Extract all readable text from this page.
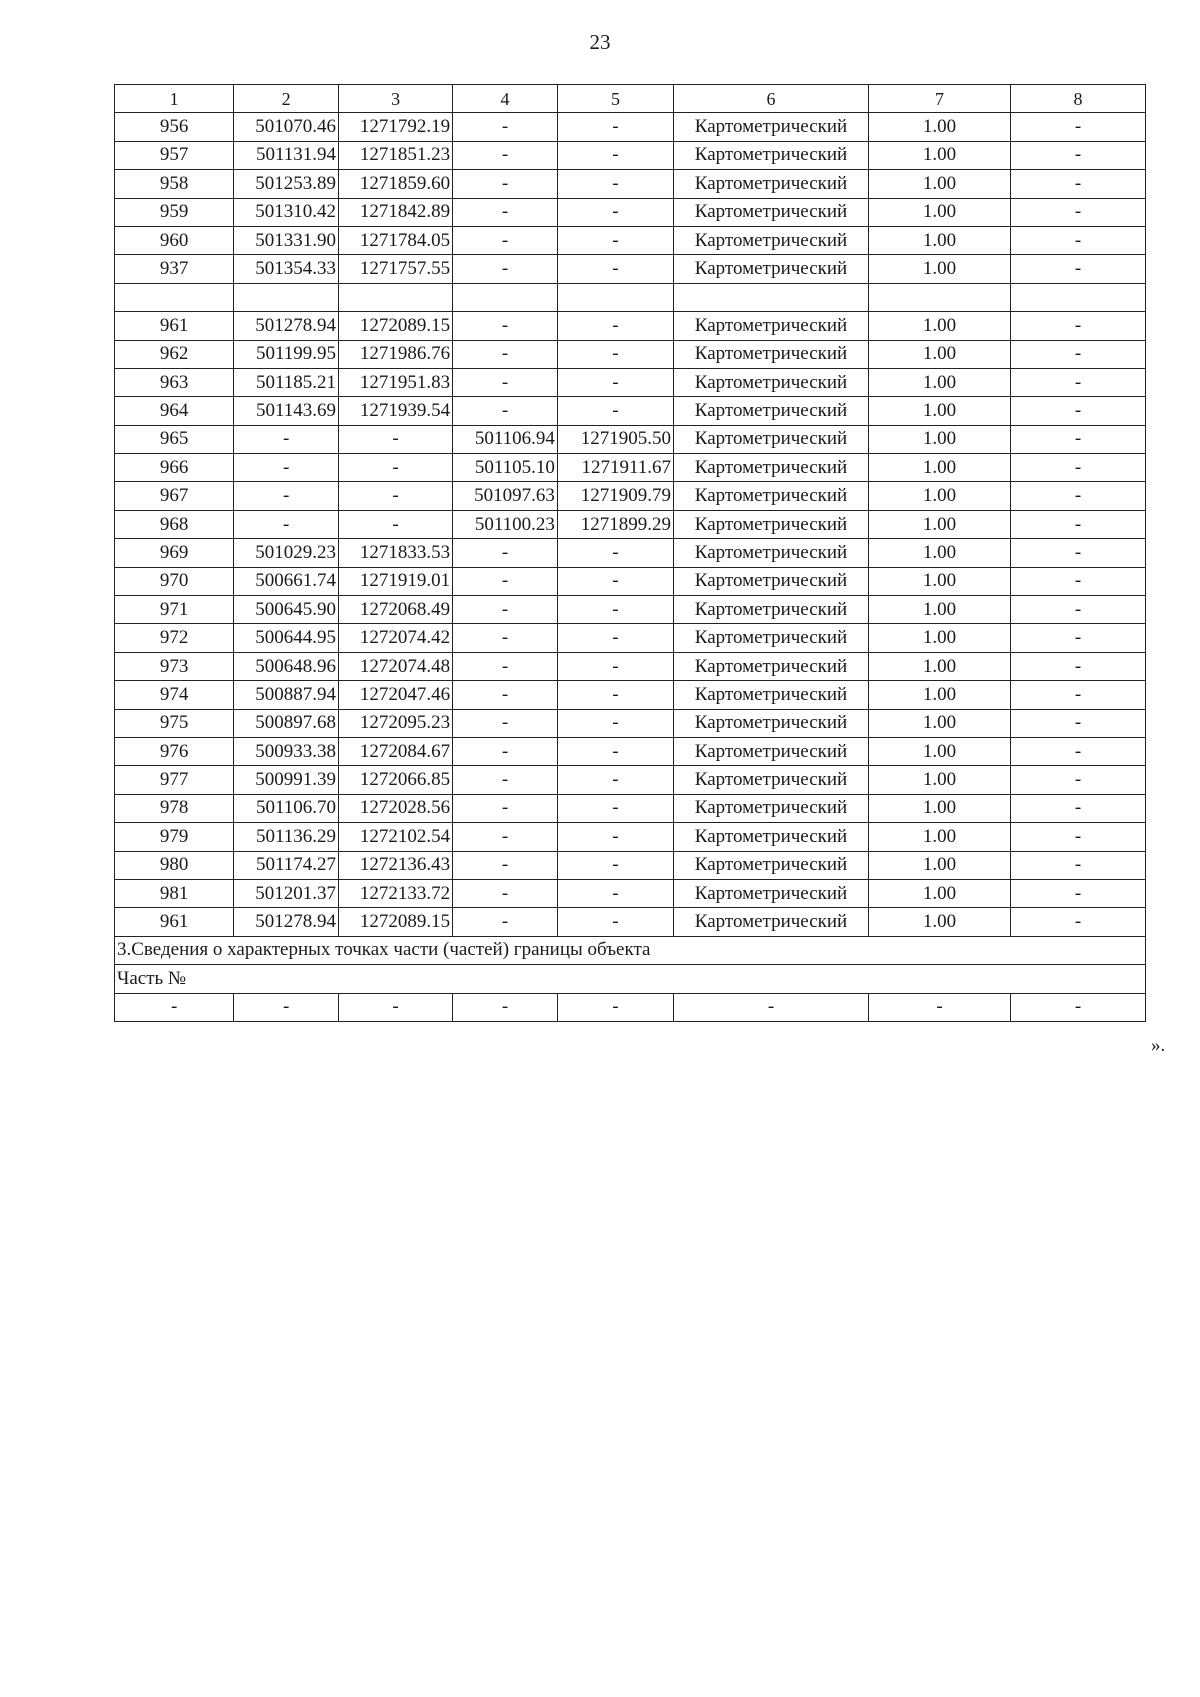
23
1	2	3	4	5	6	7	8
956	501070.46	1271792.19	-	-	Картометрический	1.00	-
957	501131.94	1271851.23	-	-	Картометрический	1.00	-
958	501253.89	1271859.60	-	-	Картометрический	1.00	-
959	501310.42	1271842.89	-	-	Картометрический	1.00	-
960	501331.90	1271784.05	-	-	Картометрический	1.00	-
937	501354.33	1271757.55	-	-	Картометрический	1.00	-

961	501278.94	1272089.15	-	-	Картометрический	1.00	-
962	501199.95	1271986.76	-	-	Картометрический	1.00	-
963	501185.21	1271951.83	-	-	Картометрический	1.00	-
964	501143.69	1271939.54	-	-	Картометрический	1.00	-
965	-	-	501106.94	1271905.50	Картометрический	1.00	-
966	-	-	501105.10	1271911.67	Картометрический	1.00	-
967	-	-	501097.63	1271909.79	Картометрический	1.00	-
968	-	-	501100.23	1271899.29	Картометрический	1.00	-
969	501029.23	1271833.53	-	-	Картометрический	1.00	-
970	500661.74	1271919.01	-	-	Картометрический	1.00	-
971	500645.90	1272068.49	-	-	Картометрический	1.00	-
972	500644.95	1272074.42	-	-	Картометрический	1.00	-
973	500648.96	1272074.48	-	-	Картометрический	1.00	-
974	500887.94	1272047.46	-	-	Картометрический	1.00	-
975	500897.68	1272095.23	-	-	Картометрический	1.00	-
976	500933.38	1272084.67	-	-	Картометрический	1.00	-
977	500991.39	1272066.85	-	-	Картометрический	1.00	-
978	501106.70	1272028.56	-	-	Картометрический	1.00	-
979	501136.29	1272102.54	-	-	Картометрический	1.00	-
980	501174.27	1272136.43	-	-	Картометрический	1.00	-
981	501201.37	1272133.72	-	-	Картометрический	1.00	-
961	501278.94	1272089.15	-	-	Картометрический	1.00	-
3.Сведения о характерных точках части (частей) границы объекта							
Часть №							
-	-	-	-	-	-	-	-
».
